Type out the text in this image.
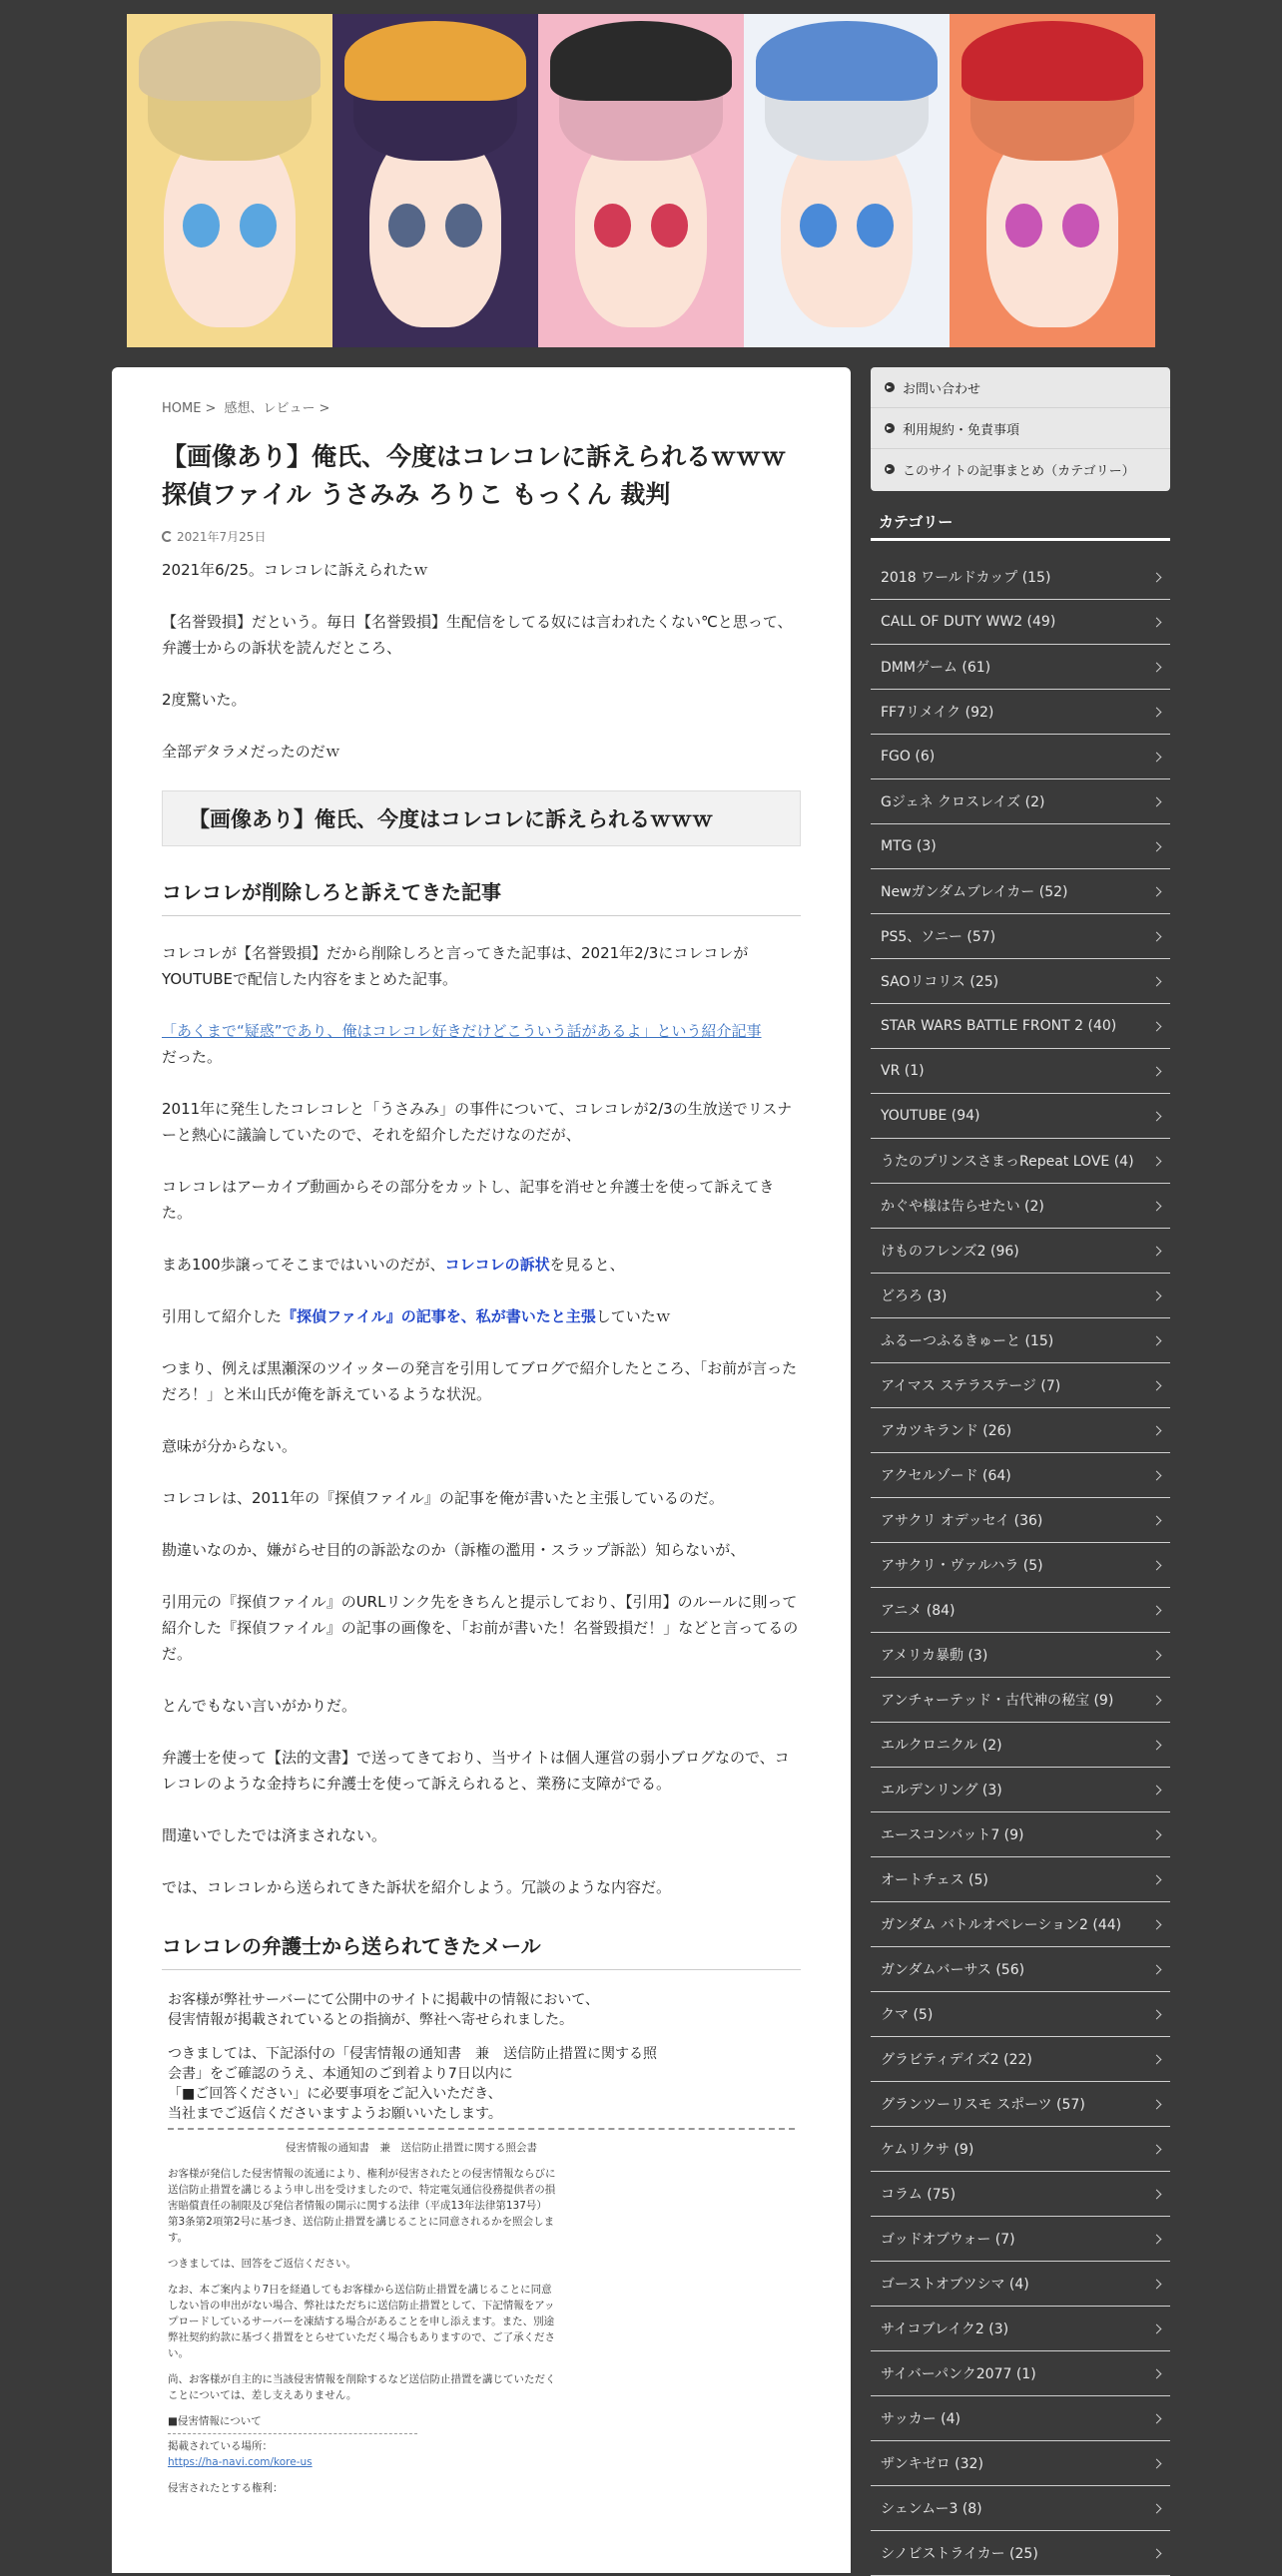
HOME > 感想、レビュー >
【画像あり】俺氏、今度はコレコレに訴えられるｗｗｗ　探偵ファイル うさみみ ろりこ もっくん 裁判
2021年7月25日

2021年6/25。コレコレに訴えられたｗ

【名誉毀損】だという。毎日【名誉毀損】生配信をしてる奴には言われたくない℃と思って、弁護士からの訴状を読んだところ、

2度驚いた。

全部デタラメだったのだｗ

【画像あり】俺氏、今度はコレコレに訴えられるｗｗｗ
コレコレが削除しろと訴えてきた記事

コレコレが【名誉毀損】だから削除しろと言ってきた記事は、2021年2/3にコレコレがYOUTUBEで配信した内容をまとめた記事。

「あくまで“疑惑”であり、俺はコレコレ好きだけどこういう話があるよ」という紹介記事
だった。

2011年に発生したコレコレと「うさみみ」の事件について、コレコレが2/3の生放送でリスナーと熱心に議論していたので、それを紹介しただけなのだが、

コレコレはアーカイブ動画からその部分をカットし、記事を消せと弁護士を使って訴えてきた。

まあ100歩譲ってそこまではいいのだが、コレコレの訴状を見ると、

引用して紹介した『探偵ファイル』の記事を、私が書いたと主張していたｗ

つまり、例えば黒瀬深のツイッターの発言を引用してブログで紹介したところ、「お前が言っただろ！」と米山氏が俺を訴えているような状況。

意味が分からない。

コレコレは、2011年の『探偵ファイル』の記事を俺が書いたと主張しているのだ。

勘違いなのか、嫌がらせ目的の訴訟なのか（訴権の濫用・スラップ訴訟）知らないが、

引用元の『探偵ファイル』のURLリンク先をきちんと提示しており、【引用】のルールに則って紹介した『探偵ファイル』の記事の画像を、「お前が書いた！名誉毀損だ！」などと言ってるのだ。

とんでもない言いがかりだ。

弁護士を使って【法的文書】で送ってきており、当サイトは個人運営の弱小ブログなので、コレコレのような金持ちに弁護士を使って訴えられると、業務に支障がでる。

間違いでしたでは済まされない。

では、コレコレから送られてきた訴状を紹介しよう。冗談のような内容だ。

コレコレの弁護士から送られてきたメール
お客様が弊社サーバーにて公開中のサイトに掲載中の情報において、
侵害情報が掲載されているとの指摘が、弊社へ寄せられました。
つきましては、下記添付の「侵害情報の通知書　兼　送信防止措置に関する照
会書」をご確認のうえ、本通知のご到着より7日以内に
「■ご回答ください」に必要事項をご記入いただき、
当社までご返信くださいますようお願いいたします。
侵害情報の通知書　兼　送信防止措置に関する照会書
お客様が発信した侵害情報の流通により、権利が侵害されたとの侵害情報ならびに送信防止措置を講じるよう申し出を受けましたので、特定電気通信役務提供者の損害賠償責任の制限及び発信者情報の開示に関する法律（平成13年法律第137号）第3条第2項第2号に基づき、送信防止措置を講じることに同意されるかを照会します。
つきましては、回答をご返信ください。
なお、本ご案内より7日を経過してもお客様から送信防止措置を講じることに同意しない旨の申出がない場合、弊社はただちに送信防止措置として、下記情報をアップロードしているサーバーを凍結する場合があることを申し添えます。また、別途弊社契約約款に基づく措置をとらせていただく場合もありますので、ご了承ください。
尚、お客様が自主的に当該侵害情報を削除するなど送信防止措置を講じていただくことについては、差し支えありません。
■侵害情報について
掲載されている場所：
https://ha-navi.com/kore-us
侵害されたとする権利：
お問い合わせ
利用規約・免責事項
このサイトの記事まとめ（カテゴリー）
カテゴリー
2018 ワールドカップ (15)
CALL OF DUTY WW2 (49)
DMMゲーム (61)
FF7リメイク (92)
FGO (6)
Gジェネ クロスレイズ (2)
MTG (3)
Newガンダムブレイカー (52)
PS5、ソニー (57)
SAOリコリス (25)
STAR WARS BATTLE FRONT 2 (40)
VR (1)
YOUTUBE (94)
うたのプリンスさまっRepeat LOVE (4)
かぐや様は告らせたい (2)
けものフレンズ2 (96)
どろろ (3)
ふるーつふるきゅーと (15)
アイマス ステラステージ (7)
アカツキランド (26)
アクセルゾード (64)
アサクリ オデッセイ (36)
アサクリ・ヴァルハラ (5)
アニメ (84)
アメリカ暴動 (3)
アンチャーテッド・古代神の秘宝 (9)
エルクロニクル (2)
エルデンリング (3)
エースコンバット7 (9)
オートチェス (5)
ガンダム バトルオペレーション2 (44)
ガンダムバーサス (56)
クマ (5)
グラビティデイズ2 (22)
グランツーリスモ スポーツ (57)
ケムリクサ (9)
コラム (75)
ゴッドオブウォー (7)
ゴーストオブツシマ (4)
サイコブレイク2 (3)
サイバーパンク2077 (1)
サッカー (4)
ザンキゼロ (32)
シェンムー3 (8)
シノビストライカー (25)
